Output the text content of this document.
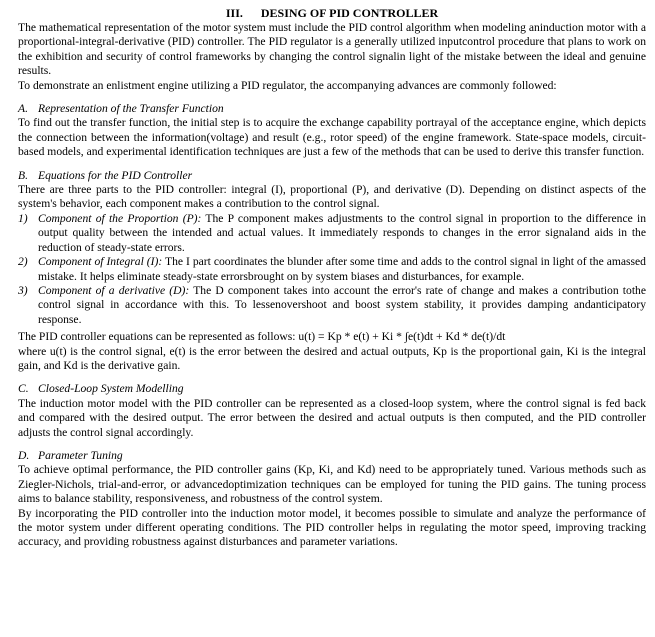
III. DESING OF PID CONTROLLER

The mathematical representation of the motor system must include the PID control algorithm when modeling aninduction motor with a proportional-integral-derivative (PID) controller. The PID regulator is a generally utilized inputcontrol procedure that plans to work on the exhibition and security of control frameworks by changing the control signalin light of the mistake between the ideal and genuine results.

To demonstrate an enlistment engine utilizing a PID regulator, the accompanying advances are commonly followed:

A. Representation of the Transfer Function

To find out the transfer function, the initial step is to acquire the exchange capability portrayal of the acceptance engine, which depicts the connection between the information(voltage) and result (e.g., rotor speed) of the engine framework. State-space models, circuit-based models, and experimental identification techniques are just a few of the methods that can be used to derive this transfer function.

B. Equations for the PID Controller

There are three parts to the PID controller: integral (I), proportional (P), and derivative (D). Depending on distinct aspects of the system's behavior, each component makes a contribution to the control signal.

1) Component of the Proportion (P): The P component makes adjustments to the control signal in proportion to the difference in output quality between the intended and actual values. It immediately responds to changes in the error signaland aids in the reduction of steady-state errors.
2) Component of Integral (I): The I part coordinates the blunder after some time and adds to the control signal in light of the amassed mistake. It helps eliminate steady-state errorsbrought on by system biases and disturbances, for example.
3) Component of a derivative (D): The D component takes into account the error's rate of change and makes a contribution tothe control signal in accordance with this. To lessenovershoot and boost system stability, it provides damping andanticipatory response.

The PID controller equations can be represented as follows: u(t) = Kp * e(t) + Ki * ∫e(t)dt + Kd * de(t)/dt

where u(t) is the control signal, e(t) is the error between the desired and actual outputs, Kp is the proportional gain, Ki is the integral gain, and Kd is the derivative gain.

C. Closed-Loop System Modelling

The induction motor model with the PID controller can be represented as a closed-loop system, where the control signal is fed back and compared with the desired output. The error between the desired and actual outputs is then computed, and the PID controller adjusts the control signal accordingly.

D. Parameter Tuning

To achieve optimal performance, the PID controller gains (Kp, Ki, and Kd) need to be appropriately tuned. Various methods such as Ziegler-Nichols, trial-and-error, or advancedoptimization techniques can be employed for tuning the PID gains. The tuning process aims to balance stability, responsiveness, and robustness of the control system.

By incorporating the PID controller into the induction motor model, it becomes possible to simulate and analyze the performance of the motor system under different operating conditions. The PID controller helps in regulating the motor speed, improving tracking accuracy, and providing robustness against disturbances and parameter variations.
